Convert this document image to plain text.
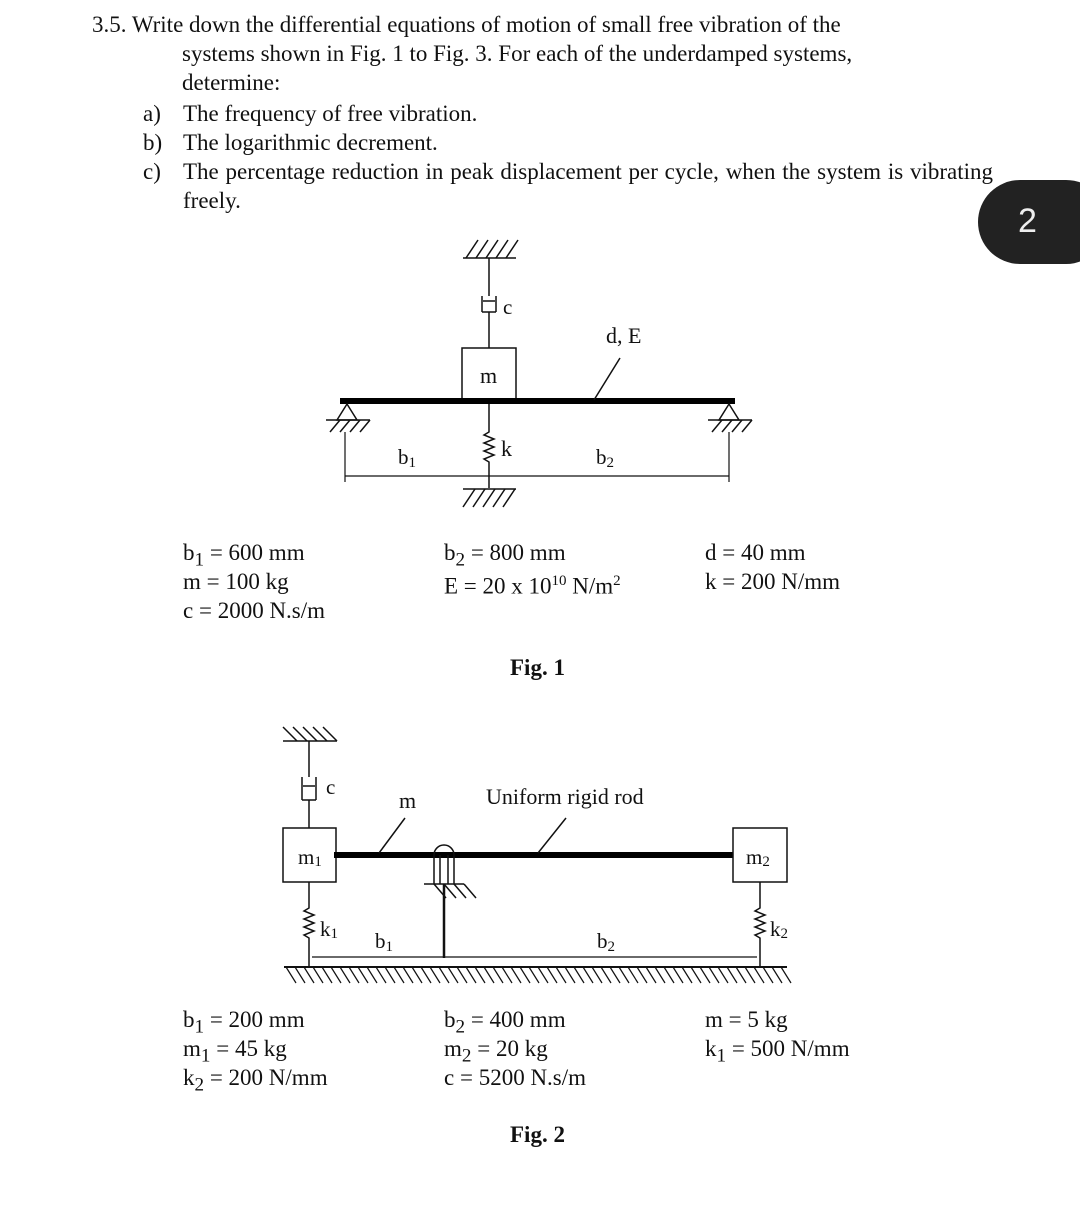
3.5. Write down the differential equations of motion of small free vibration of the
systems shown in Fig. 1 to Fig. 3. For each of the underdamped systems,
determine:
a) The frequency of free vibration.
b) The logarithmic decrement.
c) The percentage reduction in peak displacement per cycle, when the system is vibrating freely.
2
c
m
d, E
k
b1	b2
$b_1 = 600$ mm
m = 100 kg
c = 2000 N.s/m
$b_2 = 800$ mm
E = 20 x $10^{10}$ $N/m^2$
d = 40 mm
k = 200 N/mm
Fig. 1
c
m1
m	Uniform rigid rod
m2
k1	k2
b1	b2
$b_1 = 200$ mm
$m_1 = 45$ kg
$k_2 = 200$ N/mm
$b_2 = 400$ mm
$m_2 = 20$ kg
c = 5200 N.s/m
m = 5 kg
$k_1 = 500$ N/mm
Fig. 2
